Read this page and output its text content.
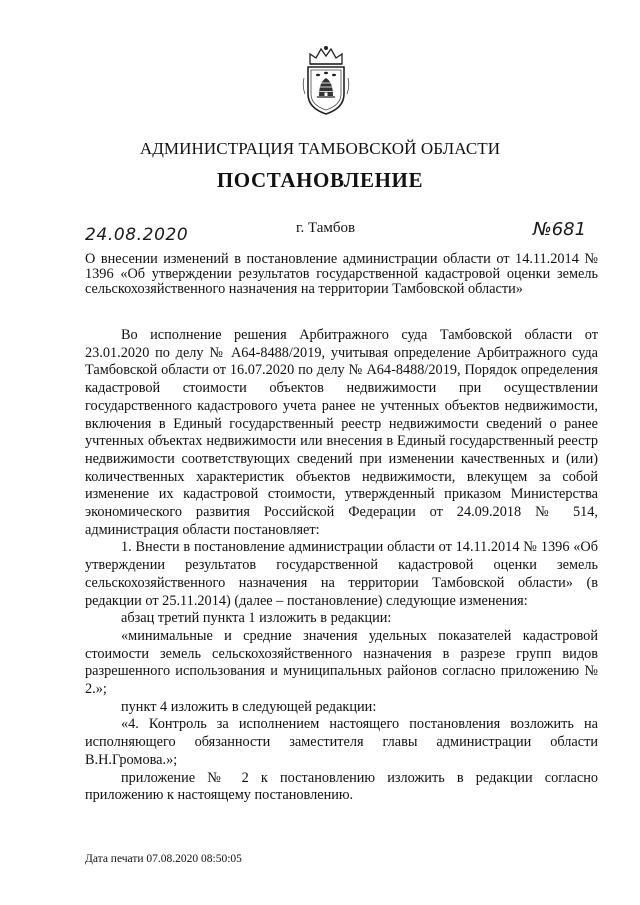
АДМИНИСТРАЦИЯ ТАМБОВСКОЙ ОБЛАСТИ
ПОСТАНОВЛЕНИЕ
24.08.2020	г. Тамбов	№681
О внесении изменений в постановление администрации области от 14.11.2014 № 1396 «Об утверждении результатов государственной кадастровой оценки земель сельскохозяйственного назначения на территории Тамбовской области»

Во исполнение решения Арбитражного суда Тамбовской области от 23.01.2020 по делу № А64-8488/2019, учитывая определение Арбитражного суда Тамбовской области от 16.07.2020 по делу № А64-8488/2019, Порядок определения кадастровой стоимости объектов недвижимости при осуществлении государственного кадастрового учета ранее не учтенных объектов недвижимости, включения в Единый государственный реестр недвижимости сведений о ранее учтенных объектах недвижимости или внесения в Единый государственный реестр недвижимости соответствующих сведений при изменении качественных и (или) количественных характеристик объектов недвижимости, влекущем за собой изменение их кадастровой стоимости, утвержденный приказом Министерства экономического развития Российской Федерации от 24.09.2018 № 514, администрация области постановляет:

1. Внести в постановление администрации области от 14.11.2014 № 1396 «Об утверждении результатов государственной кадастровой оценки земель сельскохозяйственного назначения на территории Тамбовской области» (в редакции от 25.11.2014) (далее – постановление) следующие изменения:

абзац третий пункта 1 изложить в редакции:

«минимальные и средние значения удельных показателей кадастровой стоимости земель сельскохозяйственного назначения в разрезе групп видов разрешенного использования и муниципальных районов согласно приложению № 2.»;

пункт 4 изложить в следующей редакции:

«4. Контроль за исполнением настоящего постановления возложить на исполняющего обязанности заместителя главы администрации области В.Н.Громова.»;

приложение № 2 к постановлению изложить в редакции согласно приложению к настоящему постановлению.

Дата печати 07.08.2020 08:50:05
